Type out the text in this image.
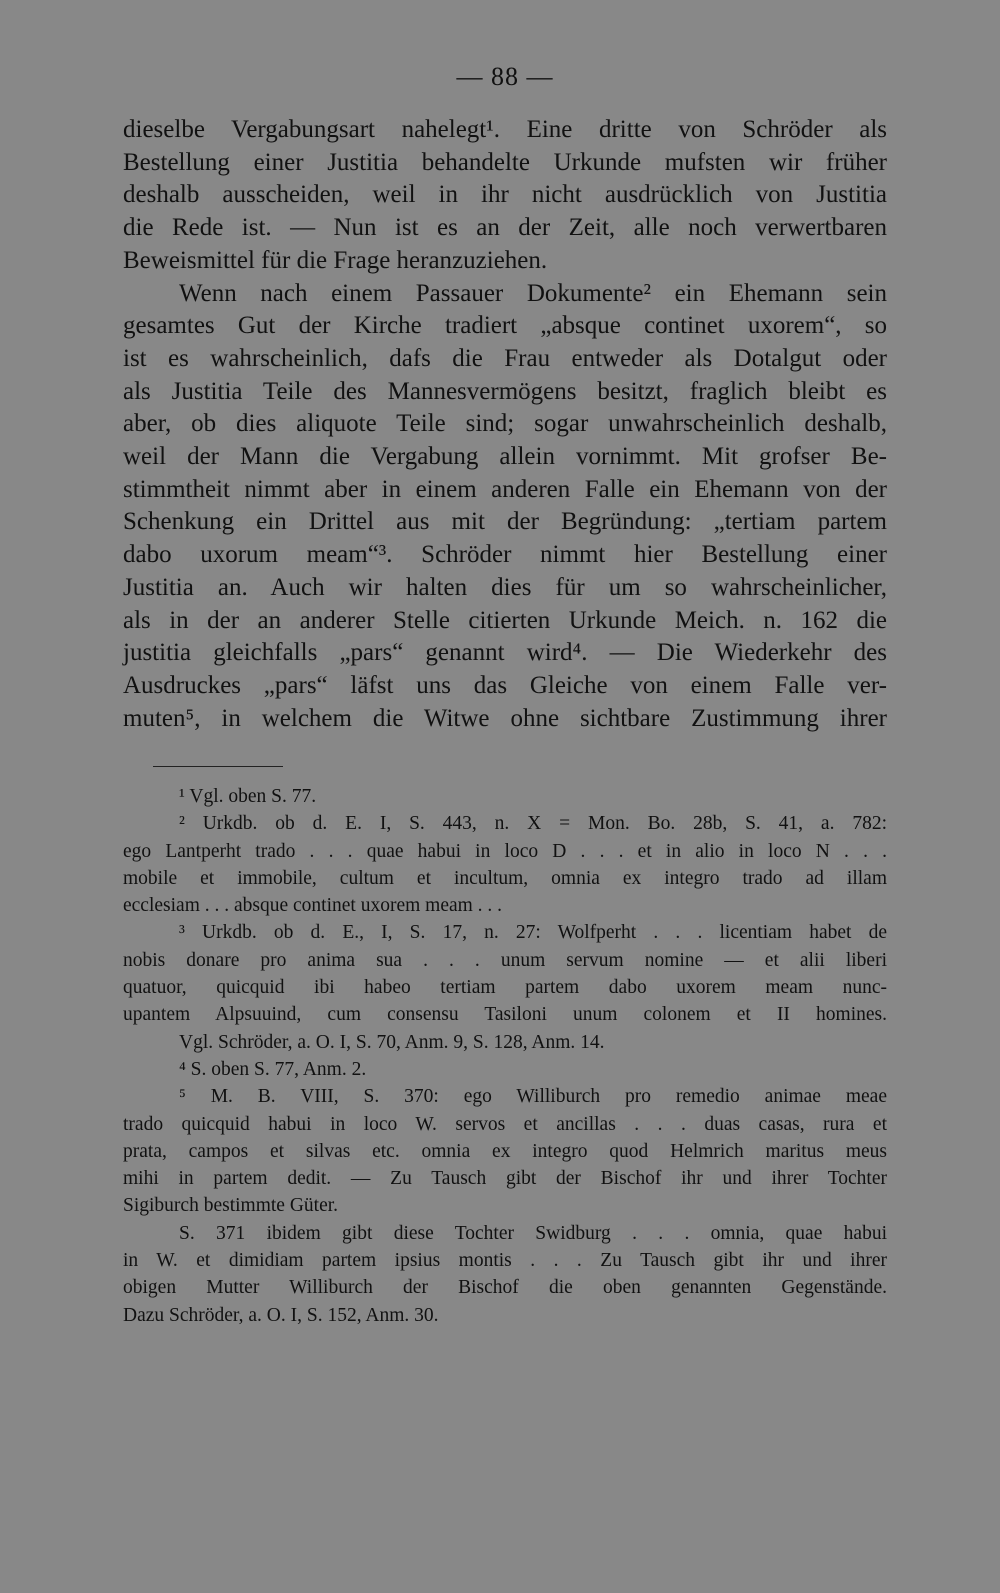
— 88 —

dieselbe Vergabungsart nahelegt¹. Eine dritte von Schröder als
Bestellung einer Justitia behandelte Urkunde mufsten wir früher
deshalb ausscheiden, weil in ihr nicht ausdrücklich von Justitia
die Rede ist. — Nun ist es an der Zeit, alle noch verwertbaren
Beweismittel für die Frage heranzuziehen.

Wenn nach einem Passauer Dokumente² ein Ehemann sein
gesamtes Gut der Kirche tradiert „absque continet uxorem“, so
ist es wahrscheinlich, dafs die Frau entweder als Dotalgut oder
als Justitia Teile des Mannesvermögens besitzt, fraglich bleibt es
aber, ob dies aliquote Teile sind; sogar unwahrscheinlich deshalb,
weil der Mann die Vergabung allein vornimmt. Mit grofser Be-
stimmtheit nimmt aber in einem anderen Falle ein Ehemann von der
Schenkung ein Drittel aus mit der Begründung: „tertiam partem
dabo uxorum meam“³. Schröder nimmt hier Bestellung einer
Justitia an. Auch wir halten dies für um so wahrscheinlicher,
als in der an anderer Stelle citierten Urkunde Meich. n. 162 die
justitia gleichfalls „pars“ genannt wird⁴. — Die Wiederkehr des
Ausdruckes „pars“ läfst uns das Gleiche von einem Falle ver-
muten⁵, in welchem die Witwe ohne sichtbare Zustimmung ihrer

¹ Vgl. oben S. 77.
² Urkdb. ob d. E. I, S. 443, n. X = Mon. Bo. 28b, S. 41, a. 782:
ego Lantperht trado . . . quae habui in loco D . . . et in alio in loco N . . .
mobile et immobile, cultum et incultum, omnia ex integro trado ad illam
ecclesiam . . . absque continet uxorem meam . . .
³ Urkdb. ob d. E., I, S. 17, n. 27: Wolfperht . . . licentiam habet de
nobis donare pro anima sua . . . unum servum nomine — et alii liberi
quatuor, quicquid ibi habeo tertiam partem dabo uxorem meam nunc-
upantem Alpsuuind, cum consensu Tasiloni unum colonem et II homines.
Vgl. Schröder, a. O. I, S. 70, Anm. 9, S. 128, Anm. 14.
⁴ S. oben S. 77, Anm. 2.
⁵ M. B. VIII, S. 370: ego Williburch pro remedio animae meae
trado quicquid habui in loco W. servos et ancillas . . . duas casas, rura et
prata, campos et silvas etc. omnia ex integro quod Helmrich maritus meus
mihi in partem dedit. — Zu Tausch gibt der Bischof ihr und ihrer Tochter
Sigiburch bestimmte Güter.
S. 371 ibidem gibt diese Tochter Swidburg . . . omnia, quae habui
in W. et dimidiam partem ipsius montis . . . Zu Tausch gibt ihr und ihrer
obigen Mutter Williburch der Bischof die oben genannten Gegenstände.
Dazu Schröder, a. O. I, S. 152, Anm. 30.
